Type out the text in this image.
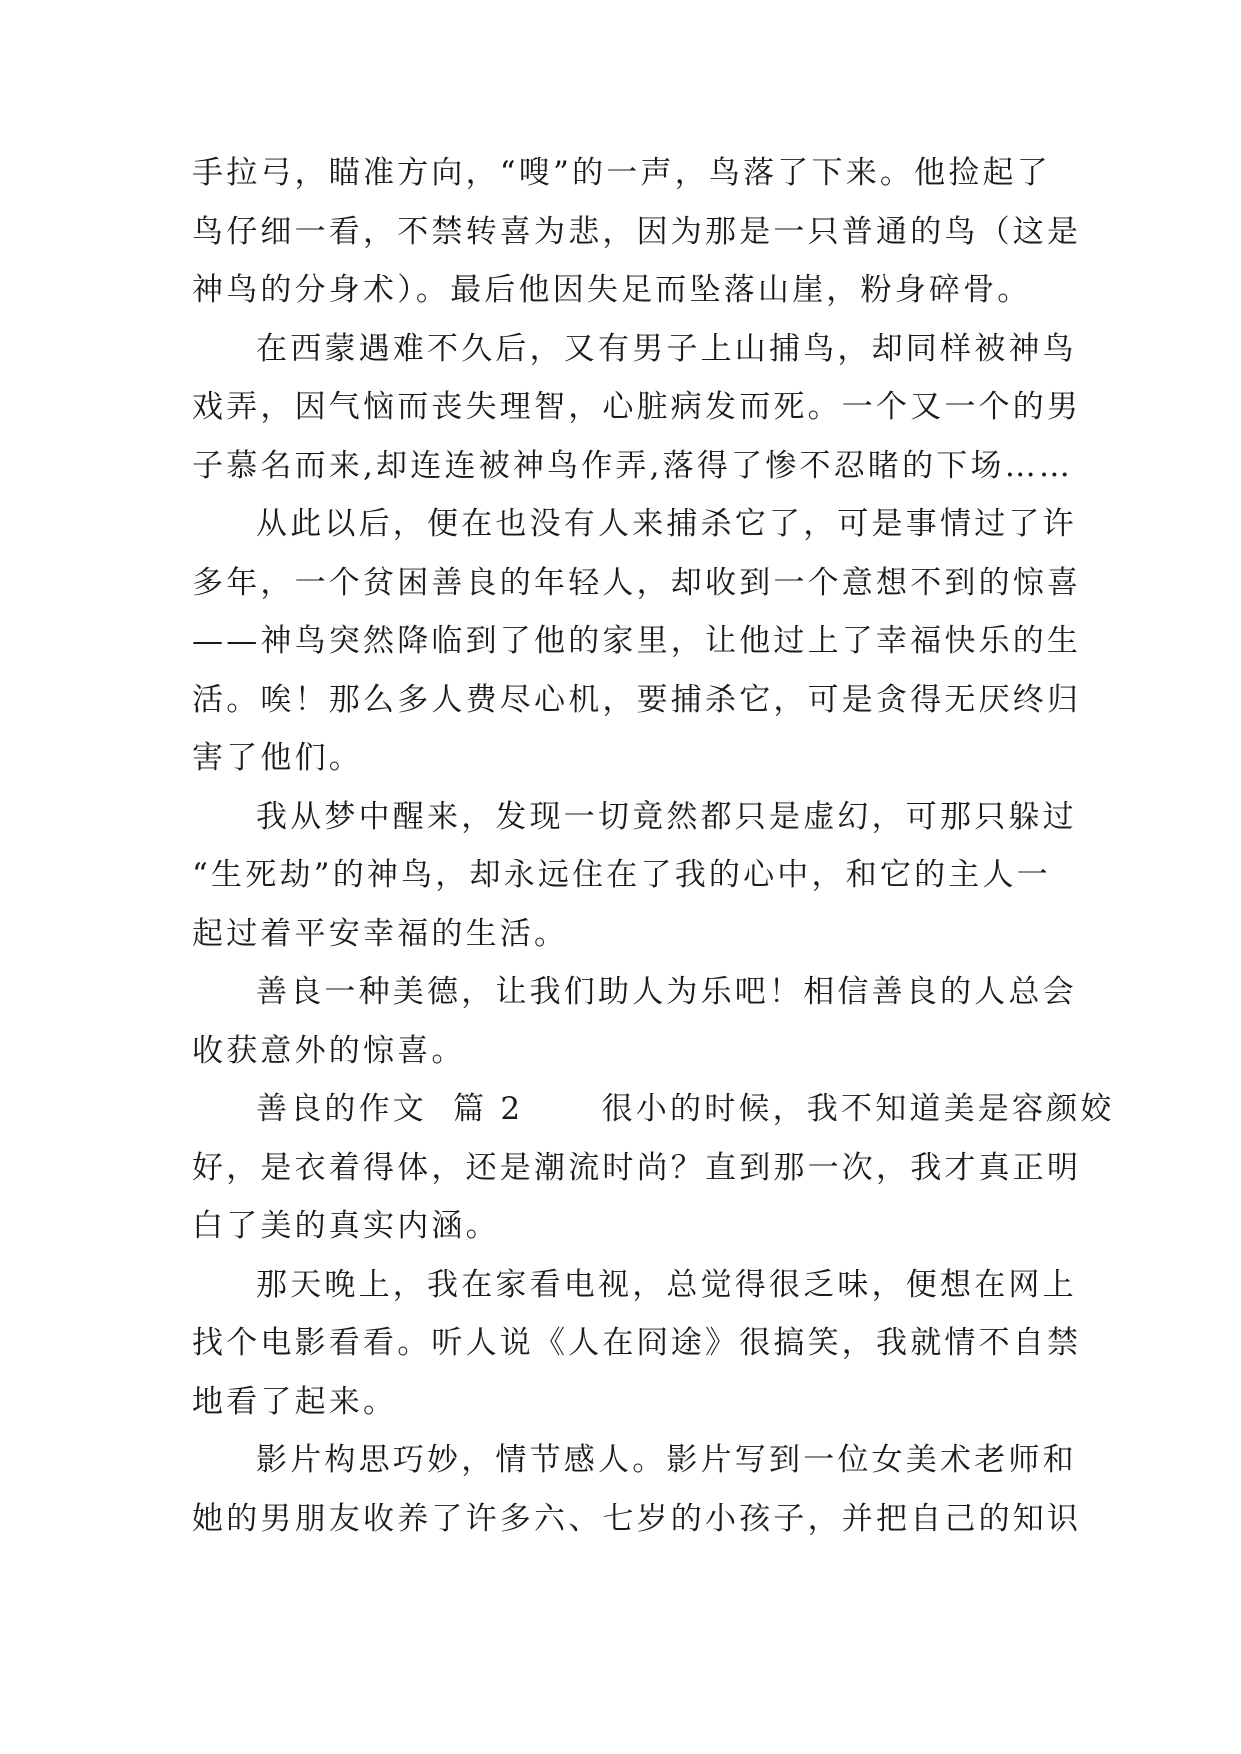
手拉弓，瞄准方向，“嗖”的一声，鸟落了下来。他捡起了
鸟仔细一看，不禁转喜为悲，因为那是一只普通的鸟（这是
神鸟的分身术）。最后他因失足而坠落山崖，粉身碎骨。
在西蒙遇难不久后，又有男子上山捕鸟，却同样被神鸟
戏弄，因气恼而丧失理智，心脏病发而死。一个又一个的男
子慕名而来,却连连被神鸟作弄,落得了惨不忍睹的下场……
从此以后，便在也没有人来捕杀它了，可是事情过了许
多年，一个贫困善良的年轻人，却收到一个意想不到的惊喜
——神鸟突然降临到了他的家里，让他过上了幸福快乐的生
活。唉！那么多人费尽心机，要捕杀它，可是贪得无厌终归
害了他们。
我从梦中醒来，发现一切竟然都只是虚幻，可那只躲过
“生死劫”的神鸟，却永远住在了我的心中，和它的主人一
起过着平安幸福的生活。
善良一种美德，让我们助人为乐吧！相信善良的人总会
收获意外的惊喜。
善良的作文  篇 2      很小的时候，我不知道美是容颜姣
好，是衣着得体，还是潮流时尚？直到那一次，我才真正明
白了美的真实内涵。
那天晚上，我在家看电视，总觉得很乏味，便想在网上
找个电影看看。听人说《人在冏途》很搞笑，我就情不自禁
地看了起来。
影片构思巧妙，情节感人。影片写到一位女美术老师和
她的男朋友收养了许多六、七岁的小孩子，并把自己的知识
